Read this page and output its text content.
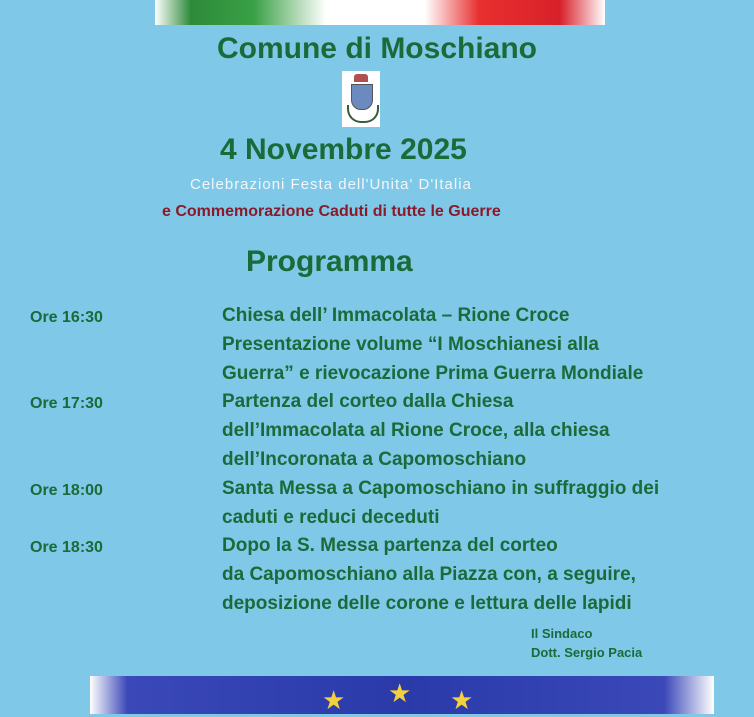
Comune di Moschiano
4 Novembre 2025
Celebrazioni Festa dell'Unita' D'Italia
e Commemorazione Caduti di tutte le Guerre
Programma
Ore 16:30	Chiesa dell’ Immacolata – Rione Croce
Presentazione volume “I Moschianesi alla
Guerra” e rievocazione Prima Guerra Mondiale
Ore 17:30	Partenza del corteo dalla Chiesa
dell’Immacolata al Rione Croce, alla chiesa
dell’Incoronata a Capomoschiano
Ore 18:00	Santa Messa a Capomoschiano in suffraggio dei
caduti e reduci deceduti
Ore 18:30	Dopo la S. Messa partenza del corteo
da Capomoschiano alla Piazza con, a seguire,
deposizione delle corone e lettura delle lapidi
Il Sindaco
Dott. Sergio Pacia
★ ★ ★
